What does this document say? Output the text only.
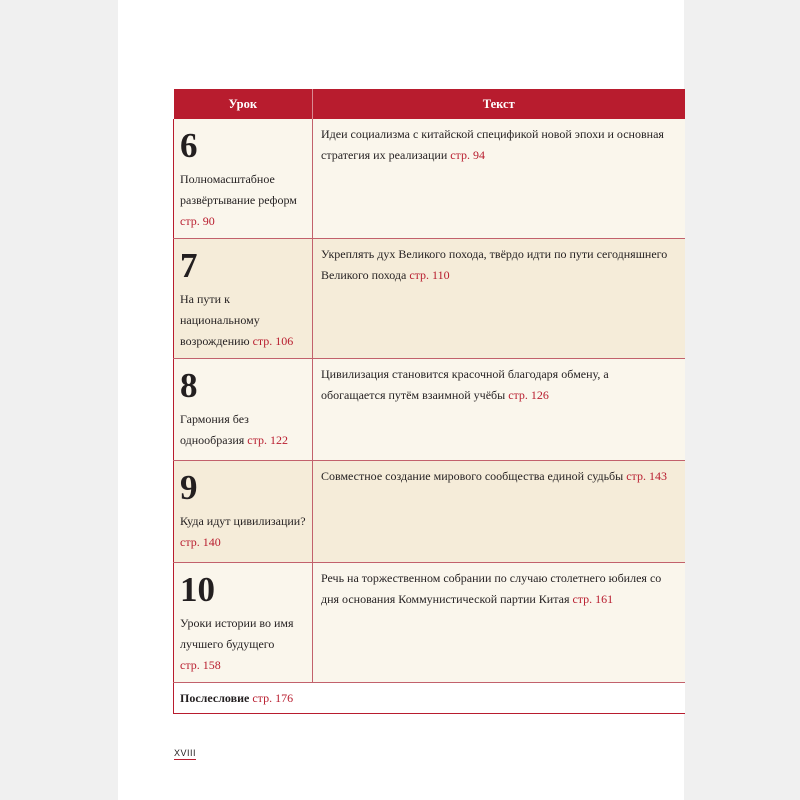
Урок	Текст

6
Полномасштабное развёртывание реформ
стр. 90	Идеи социализма с китайской спецификой новой эпохи и основная стратегия их реализации стр. 94

7
На пути к национальному возрождению стр. 106	Укреплять дух Великого похода, твёрдо идти по пути сегодняшнего Великого похода стр. 110

8
Гармония без однообразия стр. 122	Цивилизация становится красочной благодаря обмену, а обогащается путём взаимной учёбы стр. 126

9
Куда идут цивилизации? стр. 140	Совместное создание мирового сообщества единой судьбы стр. 143

10
Уроки истории во имя лучшего будущего
стр. 158	Речь на торжественном собрании по случаю столетнего юбилея со дня основания Коммунистической партии Китая стр. 161
Послесловие стр. 176	
XVIII
